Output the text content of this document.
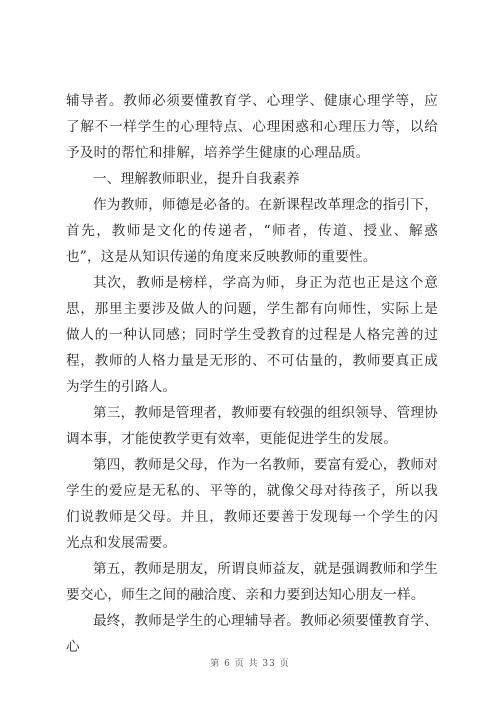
辅导者。教师必须要懂教育学、心理学、健康心理学等，应了解不一样学生的心理特点、心理困惑和心理压力等，以给予及时的帮忙和排解，培养学生健康的心理品质。

一、理解教师职业，提升自我素养

作为教师，师德是必备的。在新课程改革理念的指引下，首先，教师是文化的传递者，“师者，传道、授业、解惑也”，这是从知识传递的角度来反映教师的重要性。

其次，教师是榜样，学高为师，身正为范也正是这个意思，那里主要涉及做人的问题，学生都有向师性，实际上是做人的一种认同感；同时学生受教育的过程是人格完善的过程，教师的人格力量是无形的、不可估量的，教师要真正成为学生的引路人。

第三，教师是管理者，教师要有较强的组织领导、管理协调本事，才能使教学更有效率，更能促进学生的发展。

第四，教师是父母，作为一名教师，要富有爱心，教师对学生的爱应是无私的、平等的，就像父母对待孩子，所以我们说教师是父母。并且，教师还要善于发现每一个学生的闪光点和发展需要。

第五，教师是朋友，所谓良师益友，就是强调教师和学生要交心，师生之间的融洽度、亲和力要到达知心朋友一样。

最终，教师是学生的心理辅导者。教师必须要懂教育学、心

第 6 页 共 33 页
